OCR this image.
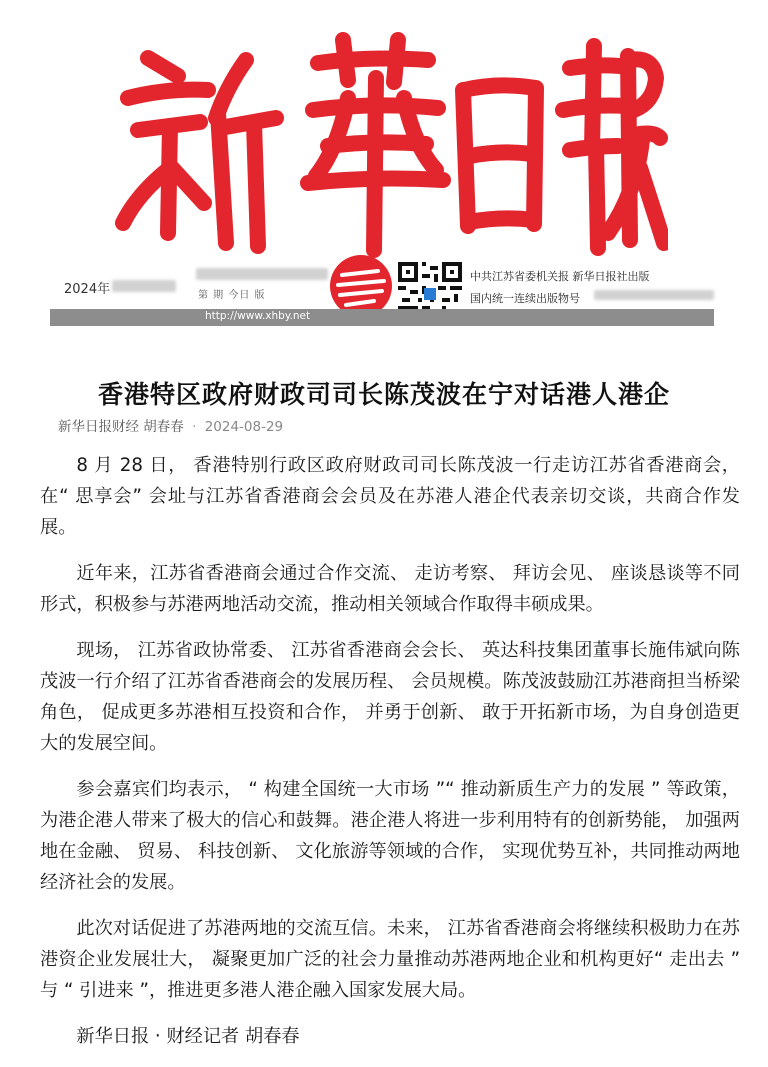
2024年	第 期 今日 版
中共江苏省委机关报 新华日报社出版
国内统一连续出版物号
http://www.xhby.net
香港特区政府财政司司长陈茂波在宁对话港人港企
新华日报财经 胡春春 · 2024-08-29

8 月 28 日， 香港特别行政区政府财政司司长陈茂波一行走访江苏省香港商会，在“ 思享会” 会址与江苏省香港商会会员及在苏港人港企代表亲切交谈，共商合作发展。

近年来，江苏省香港商会通过合作交流、 走访考察、 拜访会见、 座谈恳谈等不同形式，积极参与苏港两地活动交流，推动相关领域合作取得丰硕成果。

现场， 江苏省政协常委、 江苏省香港商会会长、 英达科技集团董事长施伟斌向陈茂波一行介绍了江苏省香港商会的发展历程、 会员规模。陈茂波鼓励江苏港商担当桥梁角色， 促成更多苏港相互投资和合作， 并勇于创新、 敢于开拓新市场，为自身创造更大的发展空间。

参会嘉宾们均表示， “ 构建全国统一大市场 ”“ 推动新质生产力的发展 ” 等政策， 为港企港人带来了极大的信心和鼓舞。港企港人将进一步利用特有的创新势能， 加强两地在金融、 贸易、 科技创新、 文化旅游等领域的合作， 实现优势互补，共同推动两地经济社会的发展。

此次对话促进了苏港两地的交流互信。未来， 江苏省香港商会将继续积极助力在苏港资企业发展壮大， 凝聚更加广泛的社会力量推动苏港两地企业和机构更好“ 走出去 ” 与 “ 引进来 ”，推进更多港人港企融入国家发展大局。

新华日报 · 财经记者 胡春春
